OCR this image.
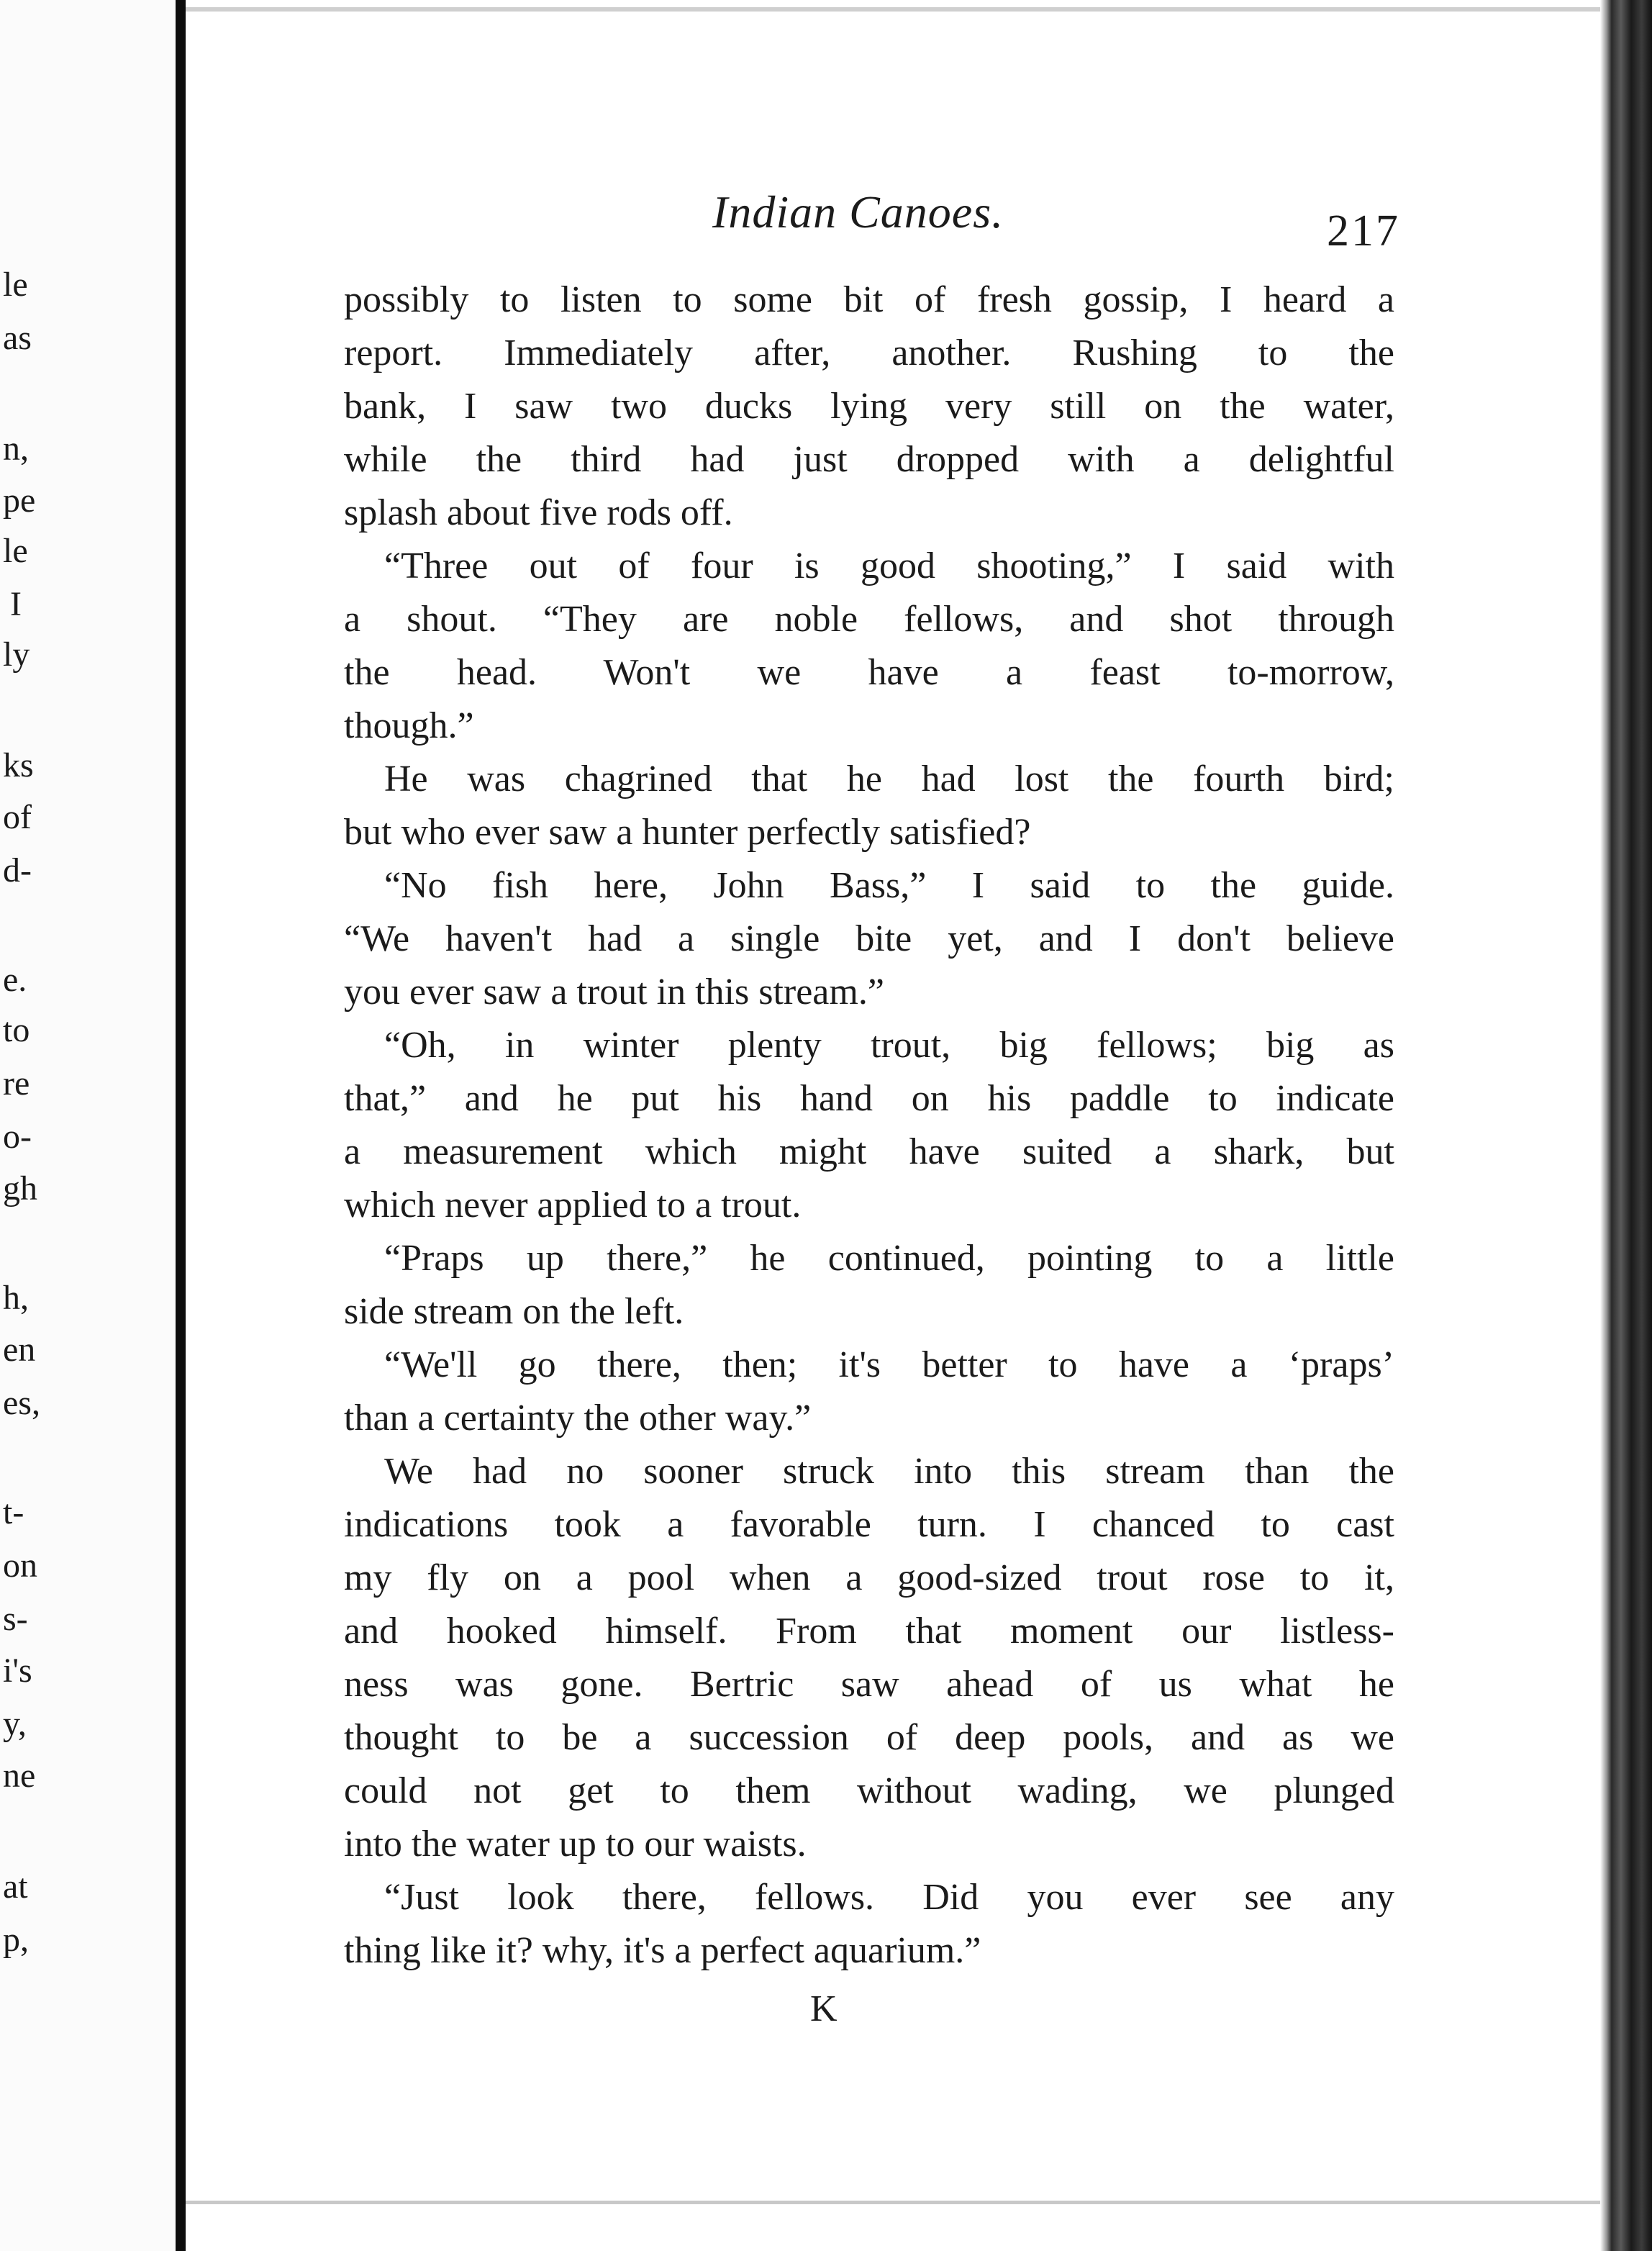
le
as
n,
pe
le
I
ly
ks
of
d-
e.
to
re
o-
gh
h,
en
es,
t-
on
s-
i's
y,
ne
at
p,
Indian Canoes.	217
possibly to listen to some bit of fresh gossip, I heard a
report. Immediately after, another. Rushing to the
bank, I saw two ducks lying very still on the water,
while the third had just dropped with a delightful
splash about five rods off.
“Three out of four is good shooting,” I said with
a shout. “They are noble fellows, and shot through
the head. Won't we have a feast to-morrow,
though.”
He was chagrined that he had lost the fourth bird;
but who ever saw a hunter perfectly satisfied?
“No fish here, John Bass,” I said to the guide.
“We haven't had a single bite yet, and I don't believe
you ever saw a trout in this stream.”
“Oh, in winter plenty trout, big fellows; big as
that,” and he put his hand on his paddle to indicate
a measurement which might have suited a shark, but
which never applied to a trout.
“Praps up there,” he continued, pointing to a little
side stream on the left.
“We'll go there, then; it's better to have a ‘praps’
than a certainty the other way.”
We had no sooner struck into this stream than the
indications took a favorable turn. I chanced to cast
my fly on a pool when a good-sized trout rose to it,
and hooked himself. From that moment our listless-
ness was gone. Bertric saw ahead of us what he
thought to be a succession of deep pools, and as we
could not get to them without wading, we plunged
into the water up to our waists.
“Just look there, fellows. Did you ever see any
thing like it? why, it's a perfect aquarium.”
K
